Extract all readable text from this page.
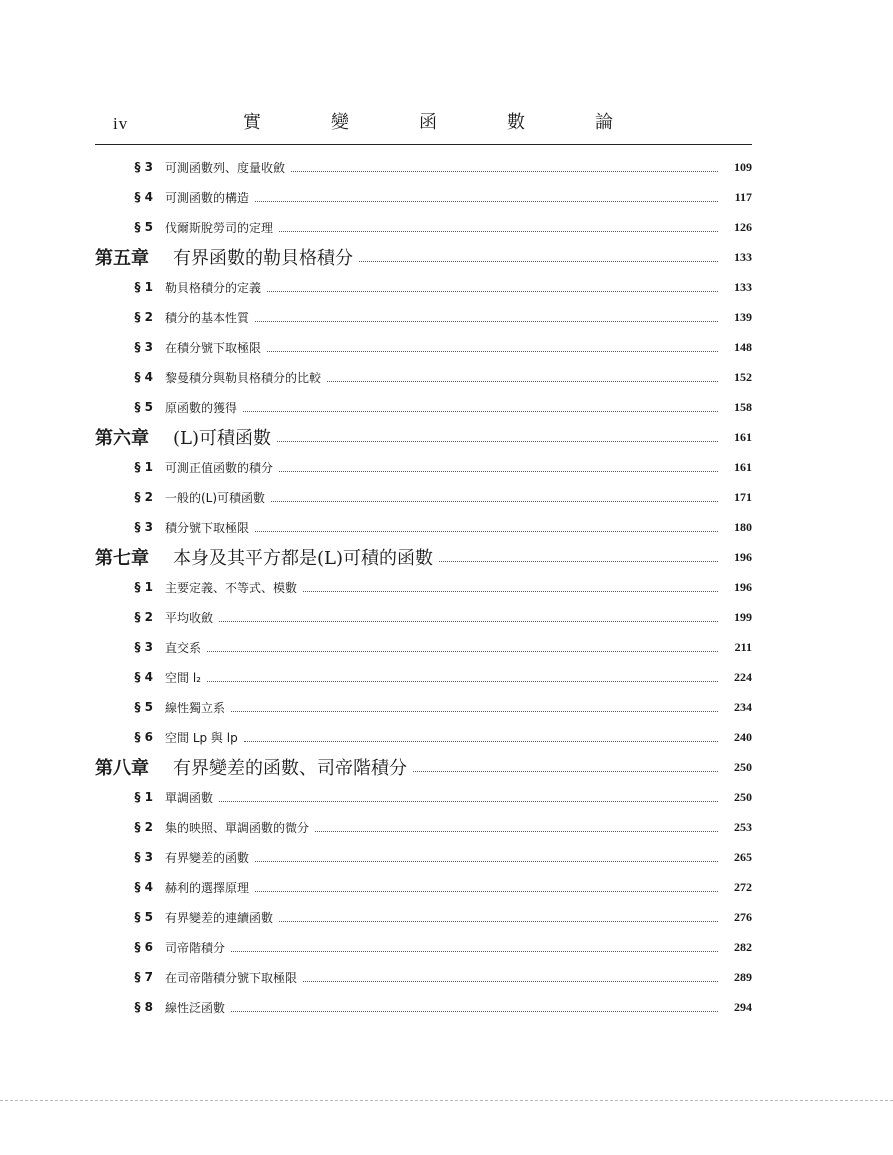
iv	實	變	函	數	論
§ 3	可測函數列、度量收斂	109
§ 4	可測函數的構造	117
§ 5	伐爾斯脫勞司的定理	126
第五章	有界函數的勒貝格積分	133
§ 1	勒貝格積分的定義	133
§ 2	積分的基本性質	139
§ 3	在積分號下取極限	148
§ 4	黎曼積分與勒貝格積分的比較	152
§ 5	原函數的獲得	158
第六章	(L)可積函數	161
§ 1	可測正值函數的積分	161
§ 2	一般的(L)可積函數	171
§ 3	積分號下取極限	180
第七章	本身及其平方都是(L)可積的函數	196
§ 1	主要定義、不等式、模數	196
§ 2	平均收斂	199
§ 3	直交系	211
§ 4	空間 l₂	224
§ 5	線性獨立系	234
§ 6	空間 Lp 與 lp	240
第八章	有界變差的函數、司帝階積分	250
§ 1	單調函數	250
§ 2	集的映照、單調函數的微分	253
§ 3	有界變差的函數	265
§ 4	赫利的選擇原理	272
§ 5	有界變差的連續函數	276
§ 6	司帝階積分	282
§ 7	在司帝階積分號下取極限	289
§ 8	線性泛函數	294
